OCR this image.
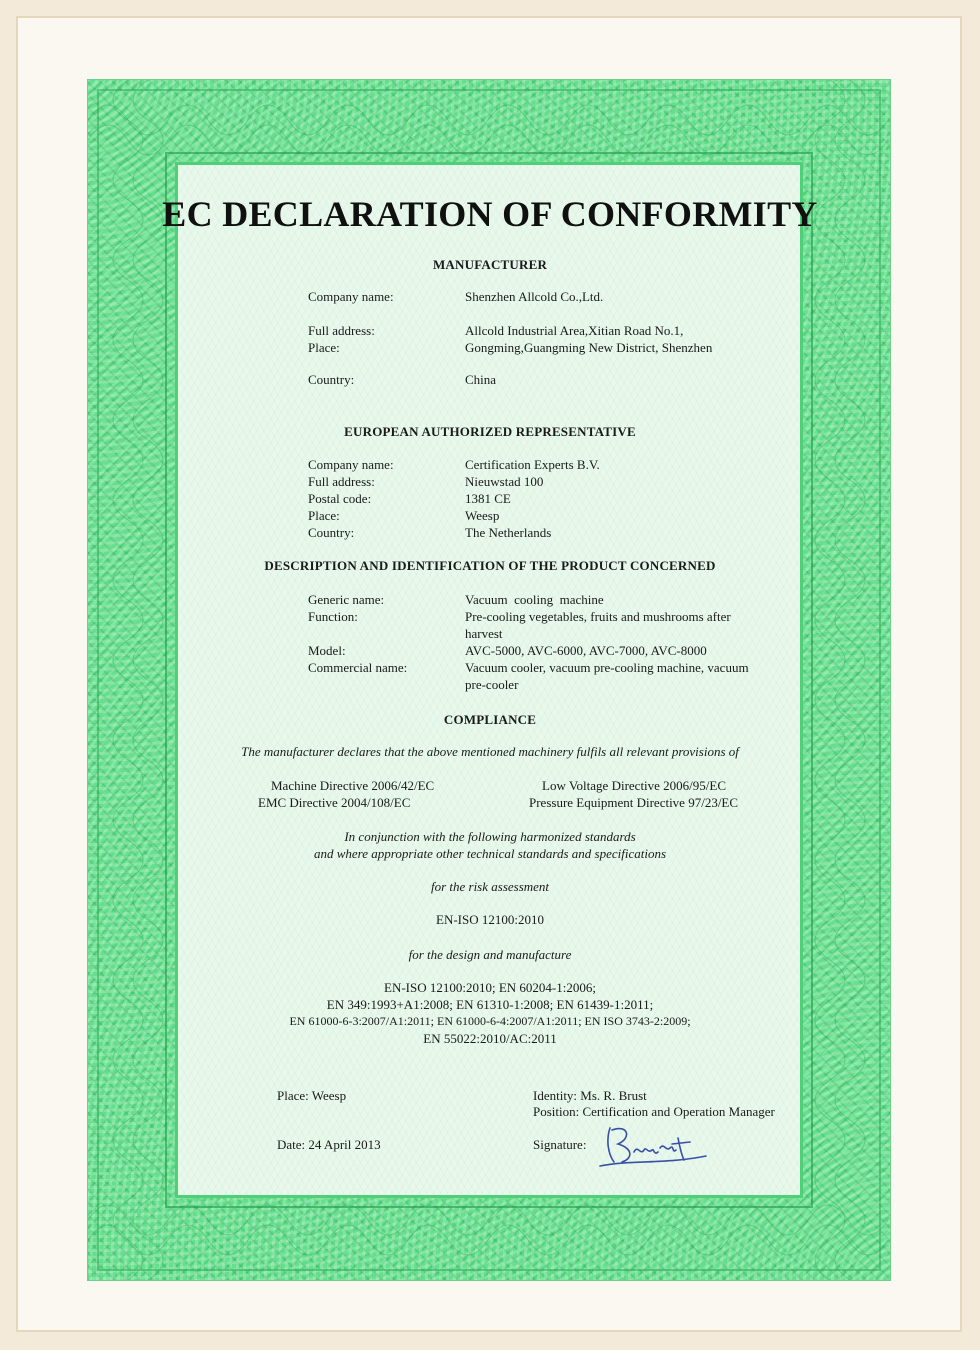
EC DECLARATION OF CONFORMITY
MANUFACTURER
Company name:	Shenzhen Allcold Co.,Ltd.
Full address:	Allcold Industrial Area,Xitian Road No.1,
Place:	Gongming,Guangming New District, Shenzhen
Country:	China
EUROPEAN AUTHORIZED REPRESENTATIVE
Company name:	Certification Experts B.V.
Full address:	Nieuwstad 100
Postal code:	1381 CE
Place:	Weesp
Country:	The Netherlands
DESCRIPTION AND IDENTIFICATION OF THE PRODUCT CONCERNED
Generic name:	Vacuum  cooling  machine
Function:	Pre-cooling vegetables, fruits and mushrooms after
harvest
Model:	AVC-5000, AVC-6000, AVC-7000, AVC-8000
Commercial name:	Vacuum cooler, vacuum pre-cooling machine, vacuum
pre-cooler
COMPLIANCE
The manufacturer declares that the above mentioned machinery fulfils all relevant provisions of
Machine Directive 2006/42/EC	Low Voltage Directive 2006/95/EC
EMC Directive 2004/108/EC	Pressure Equipment Directive 97/23/EC
In conjunction with the following harmonized standards
and where appropriate other technical standards and specifications
for the risk assessment
EN-ISO 12100:2010
for the design and manufacture
EN-ISO 12100:2010; EN 60204-1:2006;
EN 349:1993+A1:2008; EN 61310-1:2008; EN 61439-1:2011;
EN 61000-6-3:2007/A1:2011; EN 61000-6-4:2007/A1:2011; EN ISO 3743-2:2009;
EN 55022:2010/AC:2011
Place: Weesp	Identity: Ms. R. Brust
Position: Certification and Operation Manager
Date: 24 April 2013	Signature:
